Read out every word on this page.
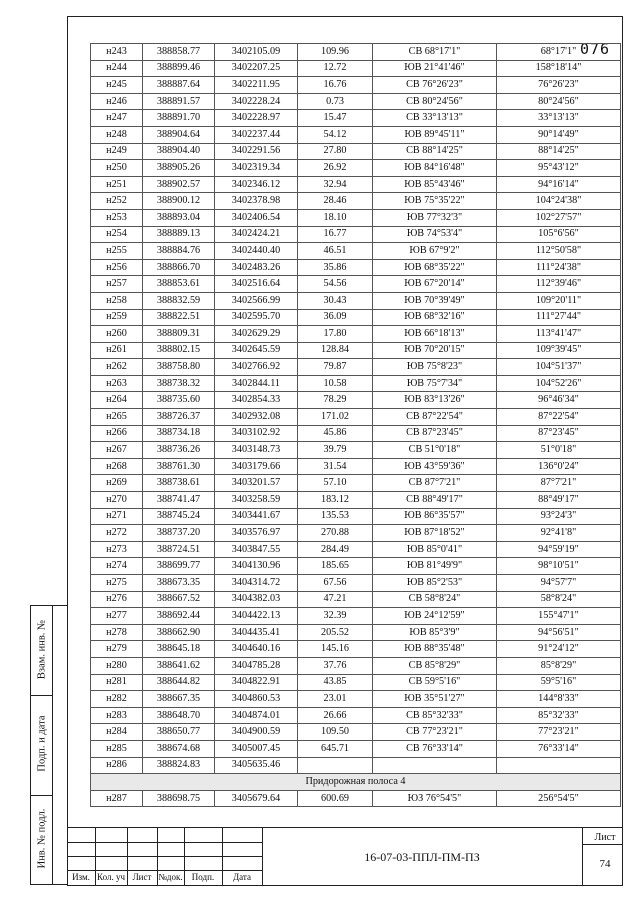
076
н243	388858.77	3402105.09	109.96	СВ 68°17'1"	68°17'1"
н244	388899.46	3402207.25	12.72	ЮВ 21°41'46"	158°18'14"
н245	388887.64	3402211.95	16.76	СВ 76°26'23"	76°26'23"
н246	388891.57	3402228.24	0.73	СВ 80°24'56"	80°24'56"
н247	388891.70	3402228.97	15.47	СВ 33°13'13"	33°13'13"
н248	388904.64	3402237.44	54.12	ЮВ 89°45'11"	90°14'49"
н249	388904.40	3402291.56	27.80	СВ 88°14'25"	88°14'25"
н250	388905.26	3402319.34	26.92	ЮВ 84°16'48"	95°43'12"
н251	388902.57	3402346.12	32.94	ЮВ 85°43'46"	94°16'14"
н252	388900.12	3402378.98	28.46	ЮВ 75°35'22"	104°24'38"
н253	388893.04	3402406.54	18.10	ЮВ 77°32'3"	102°27'57"
н254	388889.13	3402424.21	16.77	ЮВ 74°53'4"	105°6'56"
н255	388884.76	3402440.40	46.51	ЮВ 67°9'2"	112°50'58"
н256	388866.70	3402483.26	35.86	ЮВ 68°35'22"	111°24'38"
н257	388853.61	3402516.64	54.56	ЮВ 67°20'14"	112°39'46"
н258	388832.59	3402566.99	30.43	ЮВ 70°39'49"	109°20'11"
н259	388822.51	3402595.70	36.09	ЮВ 68°32'16"	111°27'44"
н260	388809.31	3402629.29	17.80	ЮВ 66°18'13"	113°41'47"
н261	388802.15	3402645.59	128.84	ЮВ 70°20'15"	109°39'45"
н262	388758.80	3402766.92	79.87	ЮВ 75°8'23"	104°51'37"
н263	388738.32	3402844.11	10.58	ЮВ 75°7'34"	104°52'26"
н264	388735.60	3402854.33	78.29	ЮВ 83°13'26"	96°46'34"
н265	388726.37	3402932.08	171.02	СВ 87°22'54"	87°22'54"
н266	388734.18	3403102.92	45.86	СВ 87°23'45"	87°23'45"
н267	388736.26	3403148.73	39.79	СВ 51°0'18"	51°0'18"
н268	388761.30	3403179.66	31.54	ЮВ 43°59'36"	136°0'24"
н269	388738.61	3403201.57	57.10	СВ 87°7'21"	87°7'21"
н270	388741.47	3403258.59	183.12	СВ 88°49'17"	88°49'17"
н271	388745.24	3403441.67	135.53	ЮВ 86°35'57"	93°24'3"
н272	388737.20	3403576.97	270.88	ЮВ 87°18'52"	92°41'8"
н273	388724.51	3403847.55	284.49	ЮВ 85°0'41"	94°59'19"
н274	388699.77	3404130.96	185.65	ЮВ 81°49'9"	98°10'51"
н275	388673.35	3404314.72	67.56	ЮВ 85°2'53"	94°57'7"
н276	388667.52	3404382.03	47.21	СВ 58°8'24"	58°8'24"
н277	388692.44	3404422.13	32.39	ЮВ 24°12'59"	155°47'1"
н278	388662.90	3404435.41	205.52	ЮВ 85°3'9"	94°56'51"
н279	388645.18	3404640.16	145.16	ЮВ 88°35'48"	91°24'12"
н280	388641.62	3404785.28	37.76	СВ 85°8'29"	85°8'29"
н281	388644.82	3404822.91	43.85	СВ 59°5'16"	59°5'16"
н282	388667.35	3404860.53	23.01	ЮВ 35°51'27"	144°8'33"
н283	388648.70	3404874.01	26.66	СВ 85°32'33"	85°32'33"
н284	388650.77	3404900.59	109.50	СВ 77°23'21"	77°23'21"
н285	388674.68	3405007.45	645.71	СВ 76°33'14"	76°33'14"
н286	388824.83	3405635.46			
Придорожная полоса 4					
н287	388698.75	3405679.64	600.69	ЮЗ 76°54'5"	256°54'5"
Взам. инв. №
Подп. и дата
Инв. № подл.
Изм. Кол. уч Лист №док.	Подп.	Дата
16-07-03-ППЛ-ПМ-ПЗ
Лист
74
